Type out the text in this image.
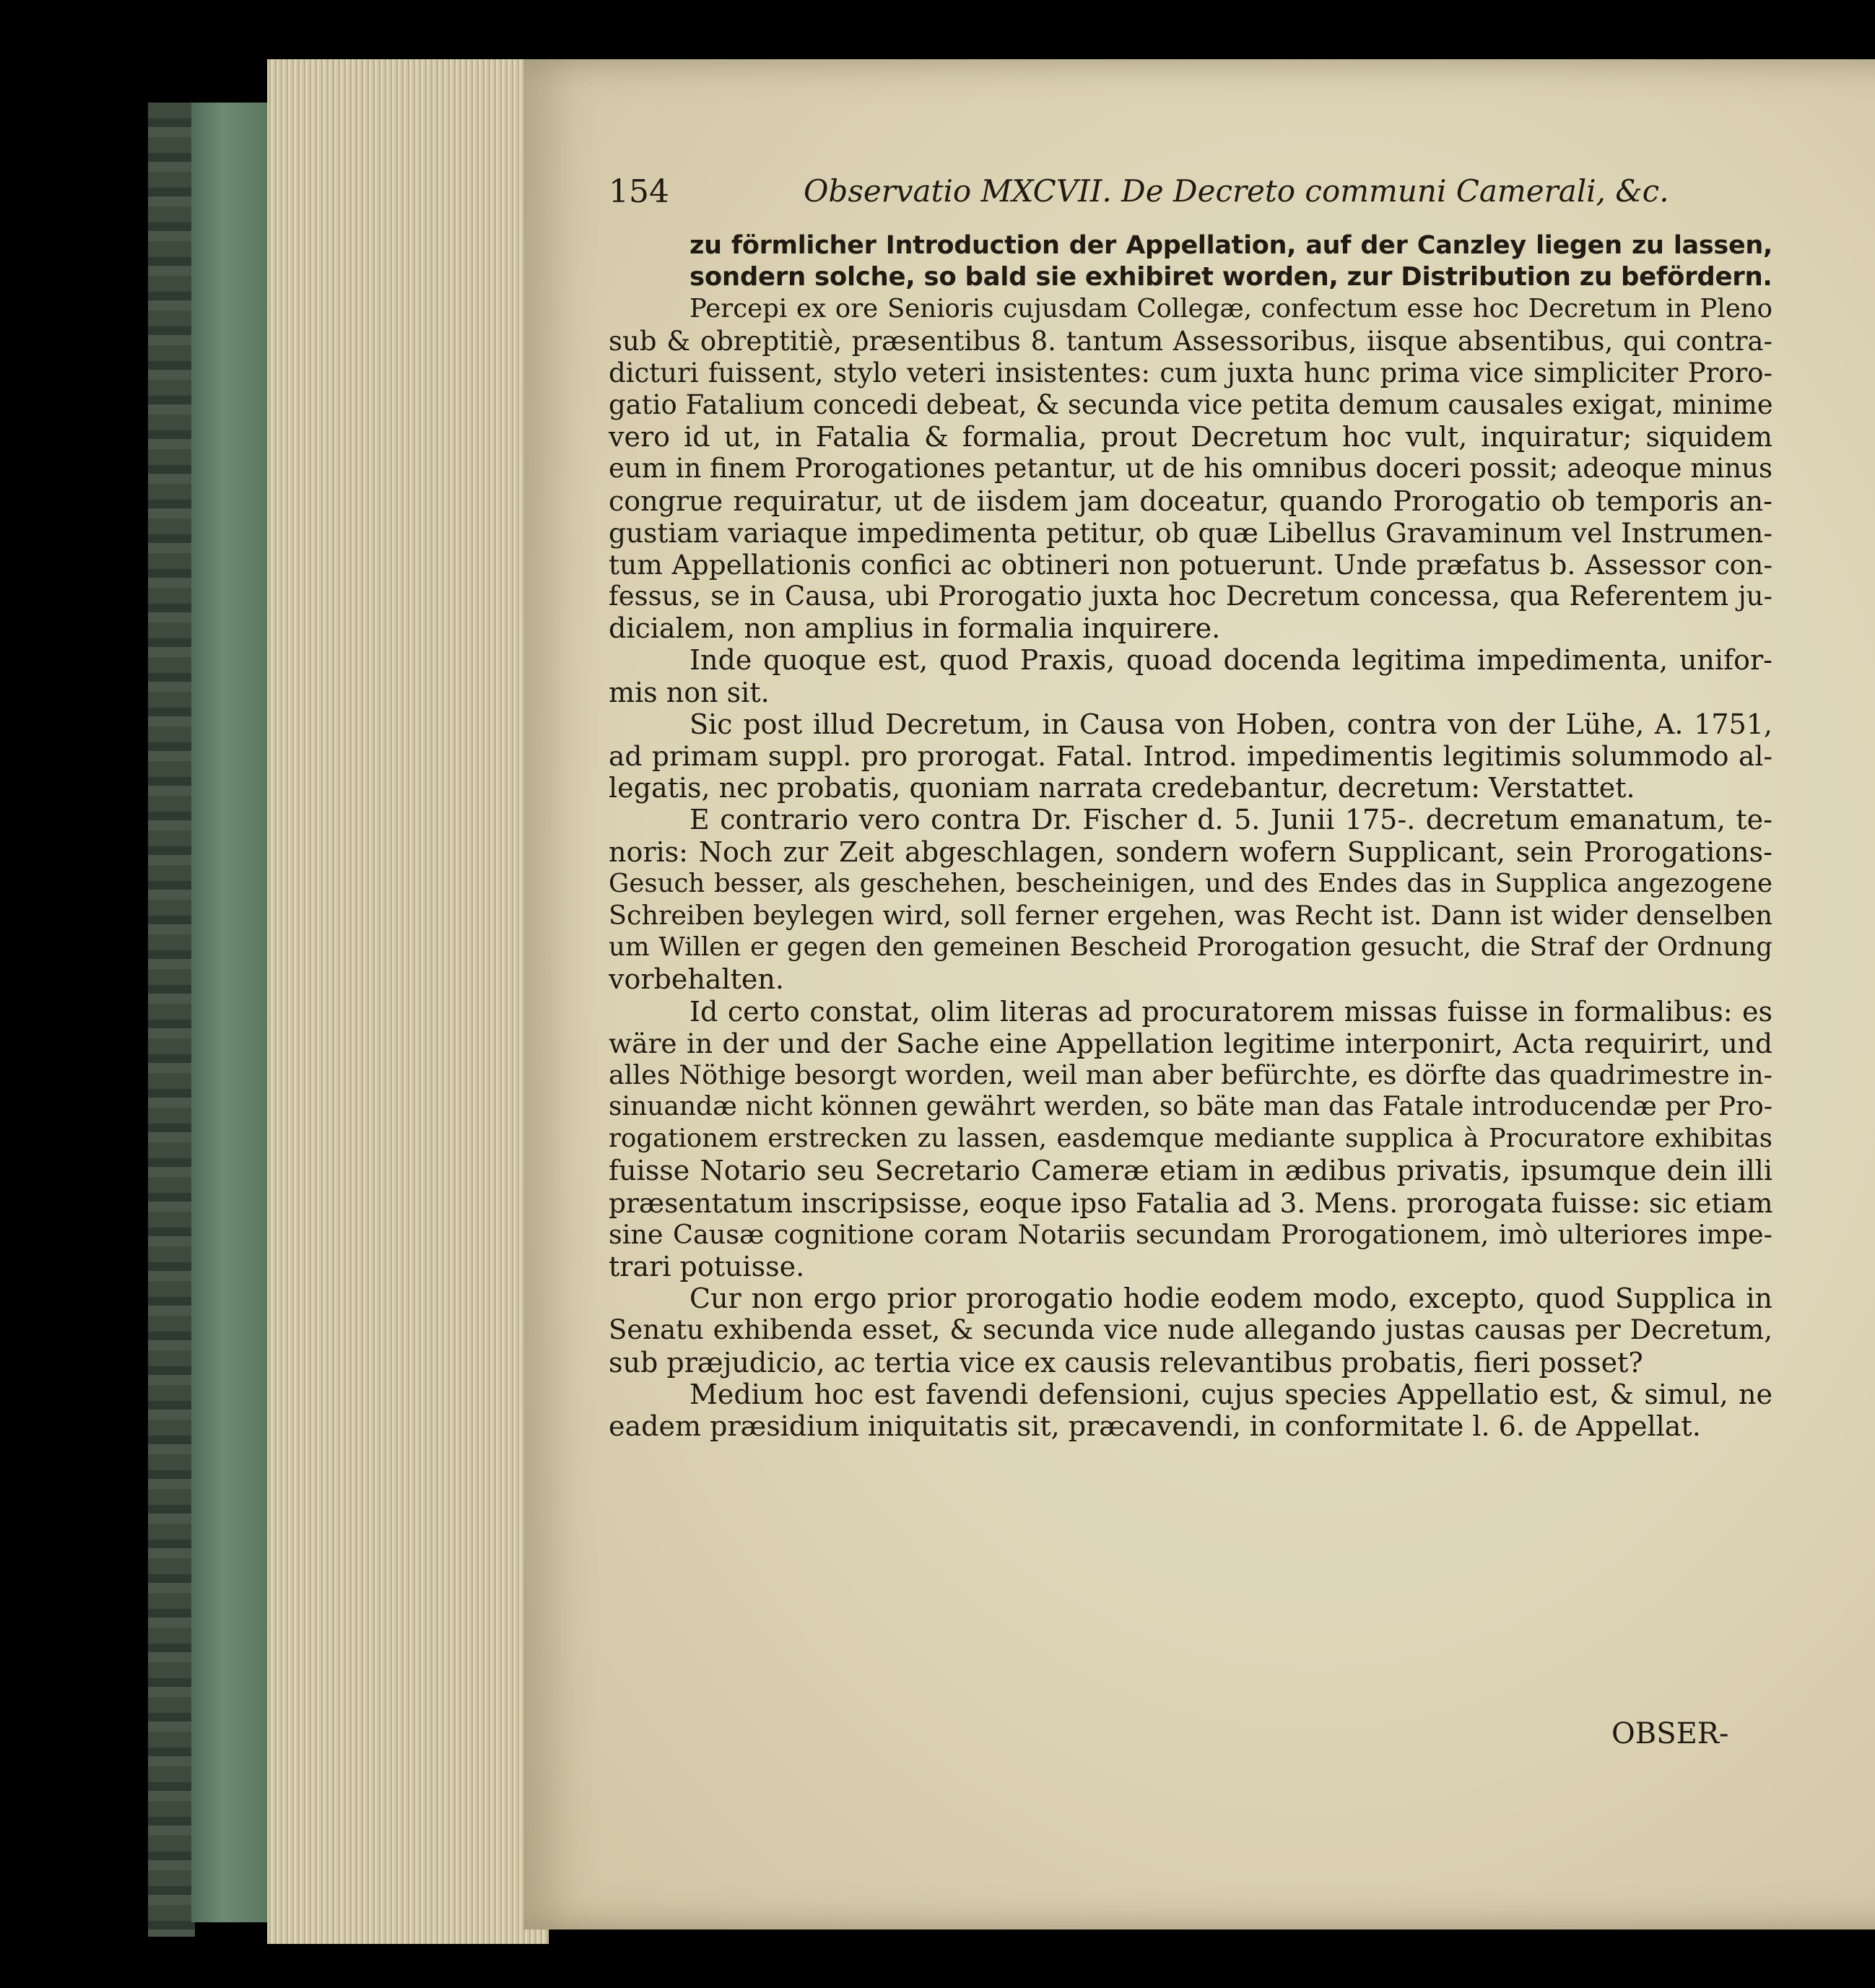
154	Observatio MXCVII. De Decreto communi Camerali, &c.
zu förmlicher Introduction der Appellation, auf der Canzley liegen zu lassen,
sondern solche, so bald sie exhibiret worden, zur Distribution zu befördern.
Percepi ex ore Senioris cujusdam Collegæ, confectum esse hoc Decretum in Pleno
sub & obreptitiè, præsentibus 8. tantum Assessoribus, iisque absentibus, qui contra-
dicturi fuissent, stylo veteri insistentes: cum juxta hunc prima vice simpliciter Proro-
gatio Fatalium concedi debeat, & secunda vice petita demum causales exigat, minime
vero id ut, in Fatalia & formalia, prout Decretum hoc vult, inquiratur; siquidem
eum in finem Prorogationes petantur, ut de his omnibus doceri possit; adeoque minus
congrue requiratur, ut de iisdem jam doceatur, quando Prorogatio ob temporis an-
gustiam variaque impedimenta petitur, ob quæ Libellus Gravaminum vel Instrumen-
tum Appellationis confici ac obtineri non potuerunt. Unde præfatus b. Assessor con-
fessus, se in Causa, ubi Prorogatio juxta hoc Decretum concessa, qua Referentem ju-
dicialem, non amplius in formalia inquirere.
Inde quoque est, quod Praxis, quoad docenda legitima impedimenta, unifor-
mis non sit.
Sic post illud Decretum, in Causa von Hoben, contra von der Lühe, A. 1751,
ad primam suppl. pro prorogat. Fatal. Introd. impedimentis legitimis solummodo al-
legatis, nec probatis, quoniam narrata credebantur, decretum: Verstattet.
E contrario vero contra Dr. Fischer d. 5. Junii 175-. decretum emanatum, te-
noris: Noch zur Zeit abgeschlagen, sondern wofern Supplicant, sein Prorogations-
Gesuch besser, als geschehen, bescheinigen, und des Endes das in Supplica angezogene
Schreiben beylegen wird, soll ferner ergehen, was Recht ist. Dann ist wider denselben
um Willen er gegen den gemeinen Bescheid Prorogation gesucht, die Straf der Ordnung
vorbehalten.
Id certo constat, olim literas ad procuratorem missas fuisse in formalibus: es
wäre in der und der Sache eine Appellation legitime interponirt, Acta requirirt, und
alles Nöthige besorgt worden, weil man aber befürchte, es dörfte das quadrimestre in-
sinuandæ nicht können gewährt werden, so bäte man das Fatale introducendæ per Pro-
rogationem erstrecken zu lassen, easdemque mediante supplica à Procuratore exhibitas
fuisse Notario seu Secretario Cameræ etiam in ædibus privatis, ipsumque dein illi
præsentatum inscripsisse, eoque ipso Fatalia ad 3. Mens. prorogata fuisse: sic etiam
sine Causæ cognitione coram Notariis secundam Prorogationem, imò ulteriores impe-
trari potuisse.
Cur non ergo prior prorogatio hodie eodem modo, excepto, quod Supplica in
Senatu exhibenda esset, & secunda vice nude allegando justas causas per Decretum,
sub præjudicio, ac tertia vice ex causis relevantibus probatis, fieri posset?
Medium hoc est favendi defensioni, cujus species Appellatio est, & simul, ne
eadem præsidium iniquitatis sit, præcavendi, in conformitate l. 6. de Appellat.
OBSER-
